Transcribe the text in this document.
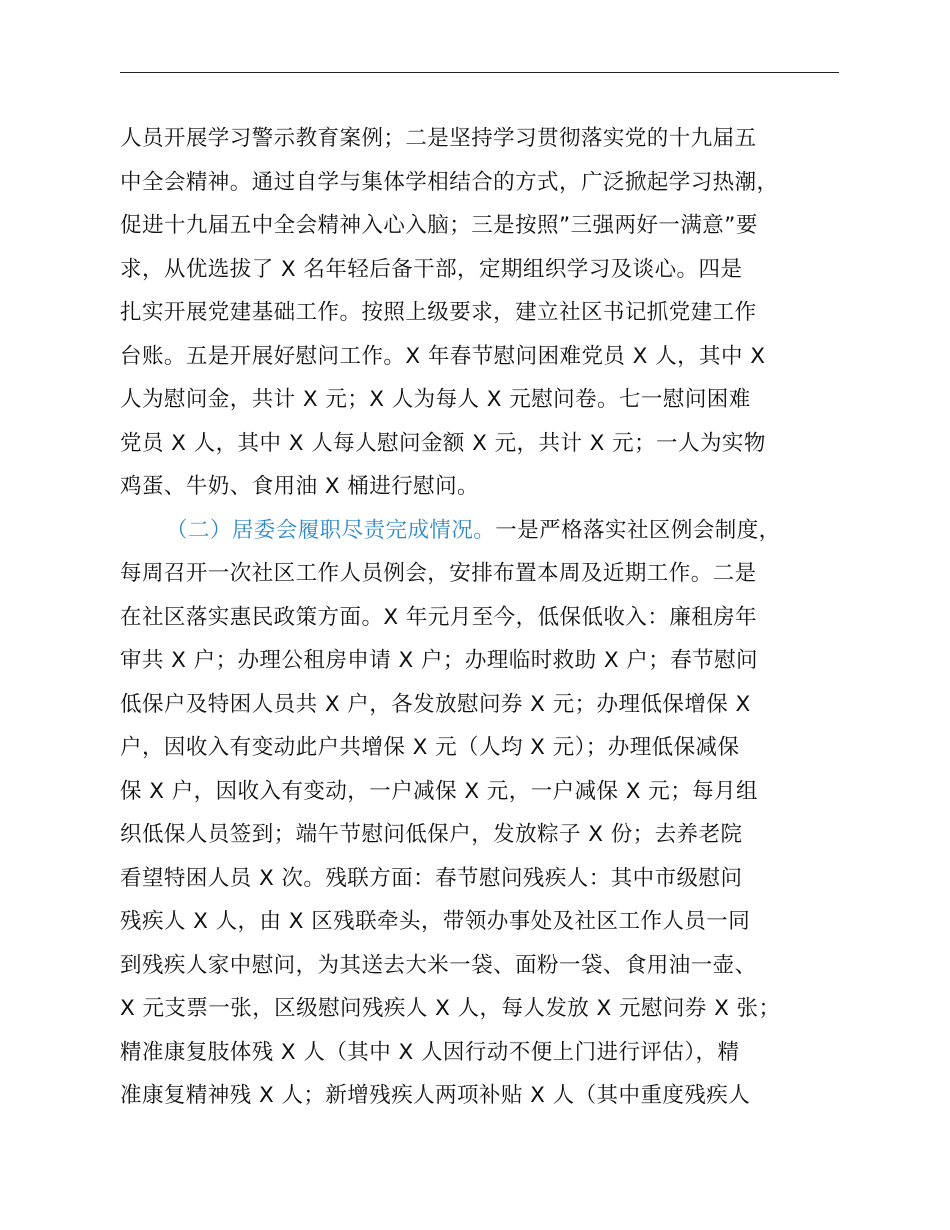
人员开展学习警示教育案例；二是坚持学习贯彻落实党的十九届五
中全会精神。通过自学与集体学相结合的方式，广泛掀起学习热潮，
促进十九届五中全会精神入心入脑；三是按照”三强两好一满意”要
求，从优选拔了 X 名年轻后备干部，定期组织学习及谈心。四是
扎实开展党建基础工作。按照上级要求，建立社区书记抓党建工作
台账。五是开展好慰问工作。X 年春节慰问困难党员 X 人，其中 X
人为慰问金，共计 X 元；X 人为每人 X 元慰问卷。七一慰问困难
党员 X 人，其中 X 人每人慰问金额 X 元，共计 X 元；一人为实物
鸡蛋、牛奶、食用油 X 桶进行慰问。
（二）居委会履职尽责完成情况。一是严格落实社区例会制度，
每周召开一次社区工作人员例会，安排布置本周及近期工作。二是
在社区落实惠民政策方面。X 年元月至今，低保低收入：廉租房年
审共 X 户；办理公租房申请 X 户；办理临时救助 X 户；春节慰问
低保户及特困人员共 X 户，各发放慰问券 X 元；办理低保增保 X
户，因收入有变动此户共增保 X 元（人均 X 元）；办理低保减保
保 X 户，因收入有变动，一户减保 X 元，一户减保 X 元；每月组
织低保人员签到；端午节慰问低保户，发放粽子 X 份；去养老院
看望特困人员 X 次。残联方面：春节慰问残疾人：其中市级慰问
残疾人 X 人，由 X 区残联牵头，带领办事处及社区工作人员一同
到残疾人家中慰问，为其送去大米一袋、面粉一袋、食用油一壶、
X 元支票一张，区级慰问残疾人 X 人，每人发放 X 元慰问券 X 张；
精准康复肢体残 X 人（其中 X 人因行动不便上门进行评估），精
准康复精神残 X 人；新增残疾人两项补贴 X 人（其中重度残疾人
